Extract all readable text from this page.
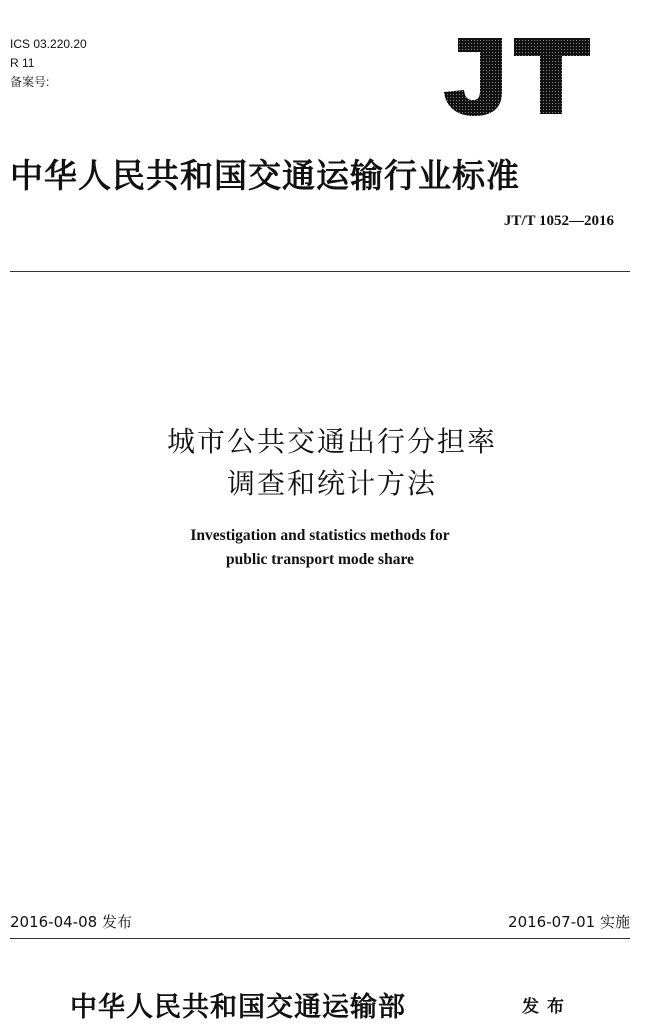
ICS 03.220.20
R 11
备案号:
中华人民共和国交通运输行业标准
JT/T 1052—2016
城市公共交通出行分担率
调查和统计方法
Investigation and statistics methods for
public transport mode share
2016-04-08 发布	2016-07-01 实施
中华人民共和国交通运输部	发布
